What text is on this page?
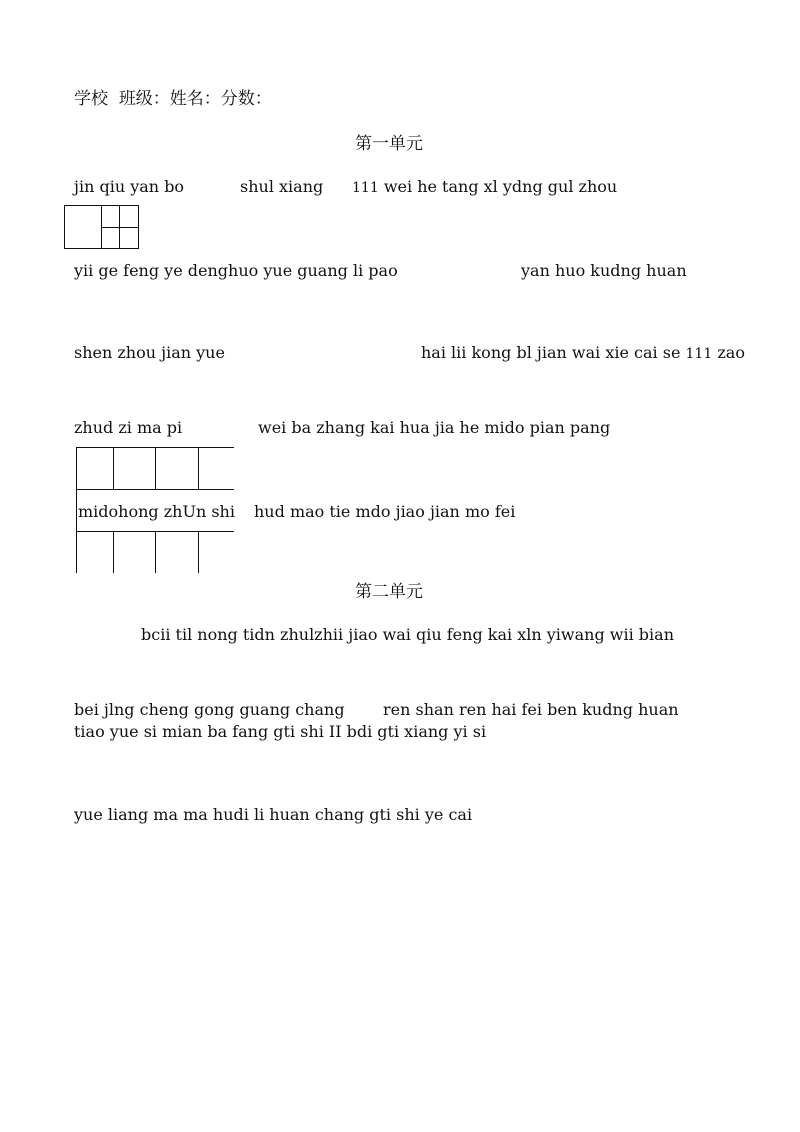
学校 班级：姓名：分数：
第一单元
jin qiu yan bo	shul xiang 111 wei he tang xl ydng gul zhou
yii ge feng ye denghuo yue guang li pao	yan huo kudng huan
shen zhou jian yue	hai lii kong bl jian wai xie cai se 111 zao
zhud zi ma pi	wei ba zhang kai hua jia he mido pian pang
midohong zhUn shi hud mao tie mdo jiao jian mo fei
第二单元
bcii til nong tidn zhulzhii jiao wai qiu feng kai xln yiwang wii bian
bei jlng cheng gong guang chang ren shan ren hai fei ben kudng huan
tiao yue si mian ba fang gti shi II bdi gti xiang yi si
yue liang ma ma hudi li huan chang gti shi ye cai
